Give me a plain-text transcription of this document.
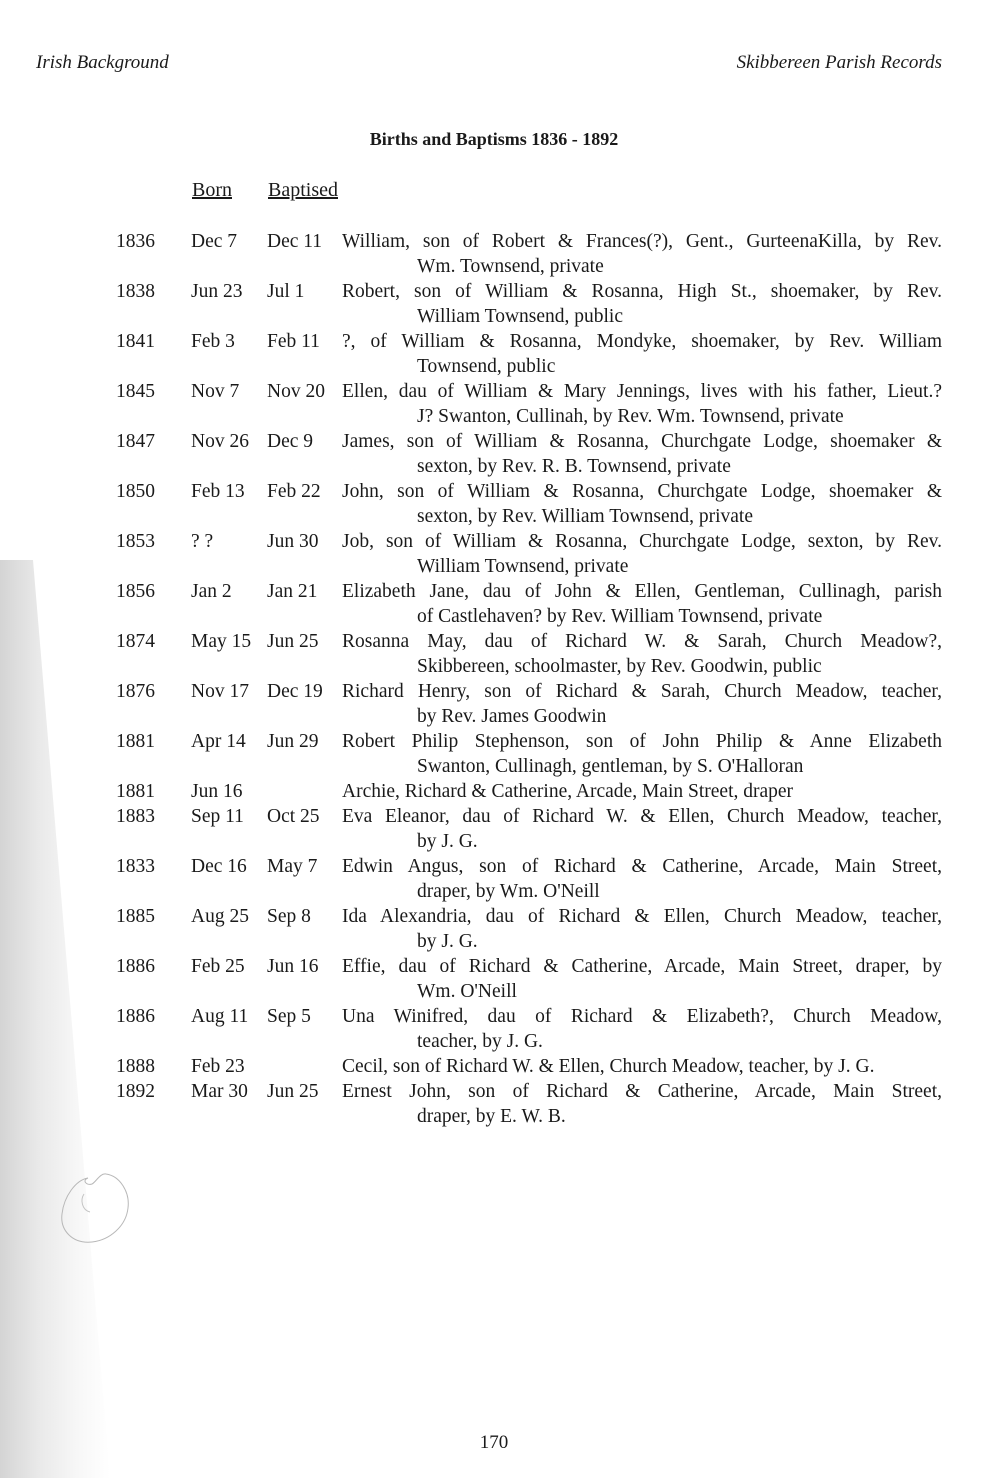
Irish Background	Skibbereen Parish Records
Births and Baptisms 1836 - 1892
Born Baptised
1836 Dec 7 Dec 11 William, son of Robert & Frances(?), Gent., GurteenaKilla, by Rev.
Wm. Townsend, private
1838 Jun 23 Jul 1 Robert, son of William & Rosanna, High St., shoemaker, by Rev.
William Townsend, public
1841 Feb 3 Feb 11 ?, of William & Rosanna, Mondyke, shoemaker, by Rev. William
Townsend, public
1845 Nov 7 Nov 20 Ellen, dau of William & Mary Jennings, lives with his father, Lieut.?
J? Swanton, Cullinah, by Rev. Wm. Townsend, private
1847 Nov 26 Dec 9 James, son of William & Rosanna, Churchgate Lodge, shoemaker &
sexton, by Rev. R. B. Townsend, private
1850 Feb 13 Feb 22 John, son of William & Rosanna, Churchgate Lodge, shoemaker &
sexton, by Rev. William Townsend, private
1853 ? ?	Jun 30 Job, son of William & Rosanna, Churchgate Lodge, sexton, by Rev.
William Townsend, private
1856 Jan 2 Jan 21 Elizabeth Jane, dau of John & Ellen, Gentleman, Cullinagh, parish
of Castlehaven? by Rev. William Townsend, private
1874 May 15 Jun 25 Rosanna May, dau of Richard W. & Sarah, Church Meadow?,
Skibbereen, schoolmaster, by Rev. Goodwin, public
1876 Nov 17 Dec 19 Richard Henry, son of Richard & Sarah, Church Meadow, teacher,
by Rev. James Goodwin
1881 Apr 14 Jun 29 Robert Philip Stephenson, son of John Philip & Anne Elizabeth
Swanton, Cullinagh, gentleman, by S. O'Halloran
1881 Jun 16	Archie, Richard & Catherine, Arcade, Main Street, draper
1883 Sep 11 Oct 25 Eva Eleanor, dau of Richard W. & Ellen, Church Meadow, teacher,
by J. G.
1833 Dec 16 May 7 Edwin Angus, son of Richard & Catherine, Arcade, Main Street,
draper, by Wm. O'Neill
1885 Aug 25 Sep 8 Ida Alexandria, dau of Richard & Ellen, Church Meadow, teacher,
by J. G.
1886 Feb 25 Jun 16 Effie, dau of Richard & Catherine, Arcade, Main Street, draper, by
Wm. O'Neill
1886 Aug 11 Sep 5 Una Winifred, dau of Richard & Elizabeth?, Church Meadow,
teacher, by J. G.
1888 Feb 23	Cecil, son of Richard W. & Ellen, Church Meadow, teacher, by J. G.
1892 Mar 30 Jun 25 Ernest John, son of Richard & Catherine, Arcade, Main Street,
draper, by E. W. B.
170
